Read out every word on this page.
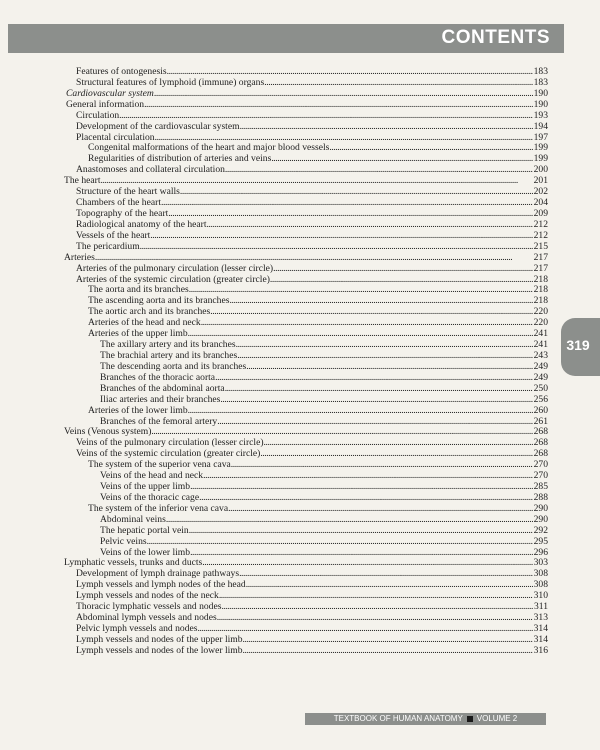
CONTENTS
Features of ontogenesis . . .	183
Structural features of lymphoid (immune) organs . . .	183
Cardiovascular system . . .	190
General information . . .	190
Circulation . . .	193
Development of the cardiovascular system . . .	194
Placental circulation . . .	197
Congenital malformations of the heart and major blood vessels . . .	199
Regularities of distribution of arteries and veins . . .	199
Anastomoses and collateral circulation . . .	200
The heart . . .	201
Structure of the heart walls . . .	202
Chambers of the heart . . .	204
Topography of the heart . . .	209
Radiological anatomy of the heart . . .	212
Vessels of the heart . . .	212
The pericardium . . .	215
Arteries . . .	217
Arteries of the pulmonary circulation (lesser circle) . . .	217
Arteries of the systemic circulation (greater circle) . . .	218
The aorta and its branches . . .	218
The ascending aorta and its branches . . .	218
The aortic arch and its branches . . .	220
Arteries of the head and neck . . .	220
Arteries of the upper limb . . .	241
The axillary artery and its branches . . .	241
The brachial artery and its branches . . .	243
The descending aorta and its branches . . .	249
Branches of the thoracic aorta . . .	249
Branches of the abdominal aorta . . .	250
Iliac arteries and their branches . . .	256
Arteries of the lower limb . . .	260
Branches of the femoral artery . . .	261
Veins (Venous system) . . .	268
Veins of the pulmonary circulation (lesser circle) . . .	268
Veins of the systemic circulation (greater circle) . . .	268
The system of the superior vena cava . . .	270
Veins of the head and neck . . .	270
Veins of the upper limb . . .	285
Veins of the thoracic cage . . .	288
The system of the inferior vena cava . . .	290
Abdominal veins . . .	290
The hepatic portal vein . . .	292
Pelvic veins . . .	295
Veins of the lower limb . . .	296
Lymphatic vessels, trunks and ducts . . .	303
Development of lymph drainage pathways . . .	308
Lymph vessels and lymph nodes of the head . . .	308
Lymph vessels and nodes of the neck . . .	310
Thoracic lymphatic vessels and nodes . . .	311
Abdominal lymph vessels and nodes . . .	313
Pelvic lymph vessels and nodes . . .	314
Lymph vessels and nodes of the upper limb . . .	314
Lymph vessels and nodes of the lower limb . . .	316
319
TEXTBOOK OF HUMAN ANATOMY VOLUME 2
